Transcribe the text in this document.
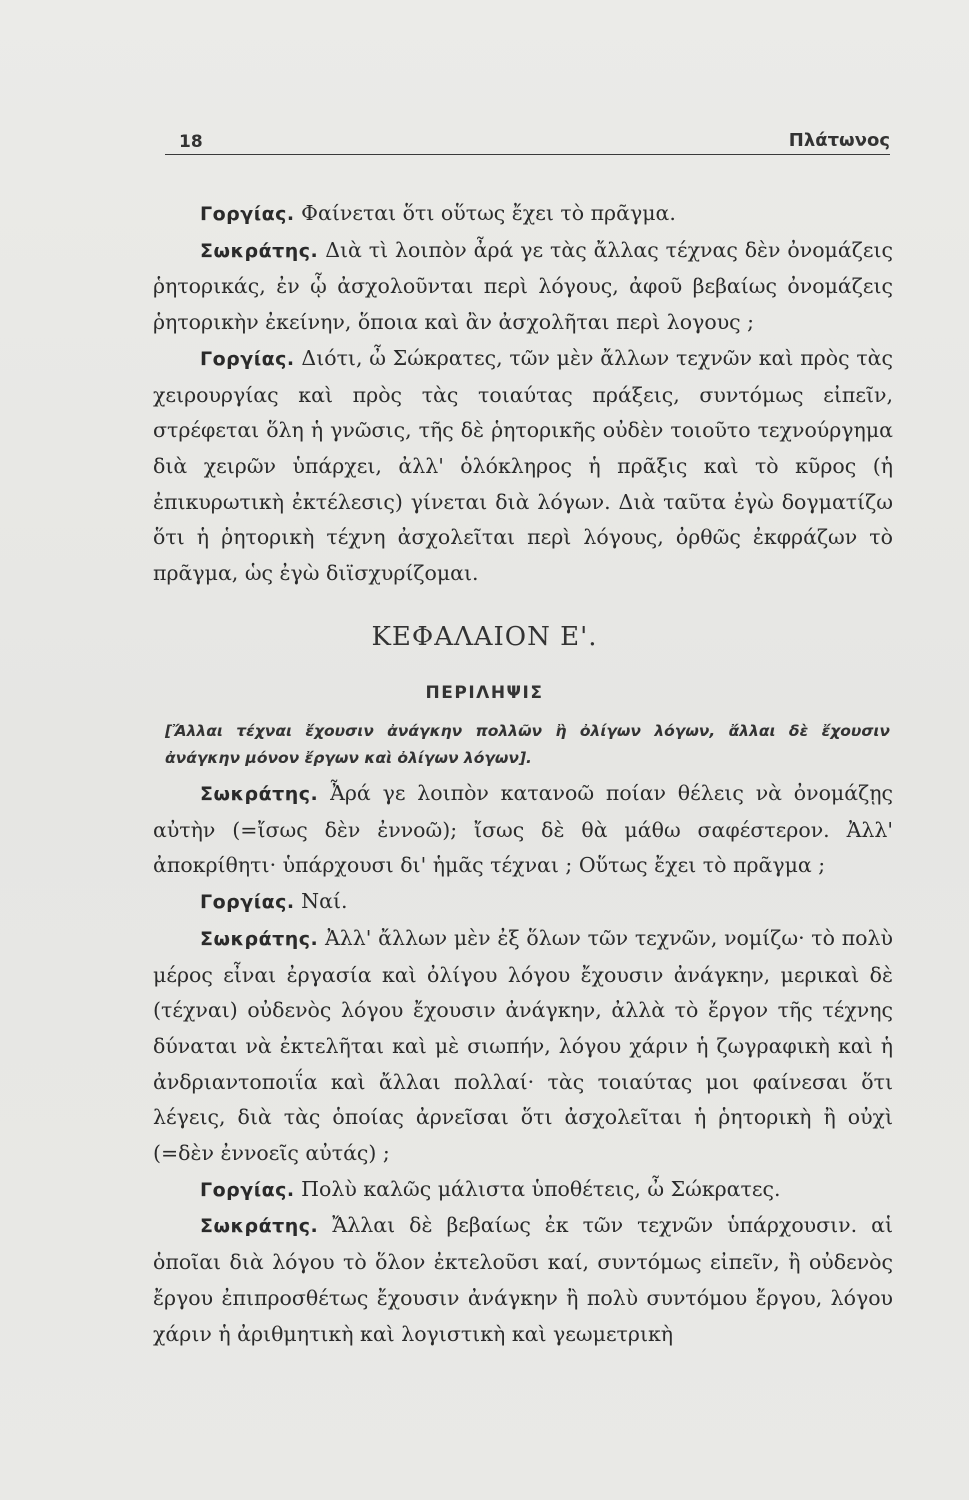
18	Πλάτωνος

Γοργίας. Φαίνεται ὅτι οὕτως ἔχει τὸ πρᾶγμα.

Σωκράτης. Διὰ τὶ λοιπὸν ἆρά γε τὰς ἄλλας τέχνας δὲν ὀνομάζεις ῥητορικάς, ἐν ᾧ ἀσχολοῦνται περὶ λόγους, ἀφοῦ βεβαίως ὀνομάζεις ῥητορικὴν ἐκείνην, ὅποια καὶ ἂν ἀσχολῆται περὶ λογους ;

Γοργίας. Διότι, ὦ Σώκρατες, τῶν μὲν ἄλλων τεχνῶν καὶ πρὸς τὰς χειρουργίας καὶ πρὸς τὰς τοιαύτας πράξεις, συντόμως εἰπεῖν, στρέφεται ὅλη ἡ γνῶσις, τῆς δὲ ῥητορικῆς οὐδὲν τοιοῦτο τεχνούργημα διὰ χειρῶν ὑπάρχει, ἀλλ' ὁλόκληρος ἡ πρᾶξις καὶ τὸ κῦρος (ἡ ἐπικυρωτικὴ ἐκτέλεσις) γίνεται διὰ λόγων. Διὰ ταῦτα ἐγὼ δογματίζω ὅτι ἡ ῥητορικὴ τέχνη ἀσχολεῖται περὶ λόγους, ὀρθῶς ἐκφράζων τὸ πρᾶγμα, ὡς ἐγὼ διϊσχυρίζομαι.

ΚΕΦΑΛΑΙΟΝ Ε'.
ΠΕΡΙΛΗΨΙΣ
[Ἄλλαι τέχναι ἔχουσιν ἀνάγκην πολλῶν ἢ ὀλίγων λόγων, ἄλλαι δὲ ἔχουσιν ἀνάγκην μόνον ἔργων καὶ ὀλίγων λόγων].

Σωκράτης. Ἆρά γε λοιπὸν κατανοῶ ποίαν θέλεις νὰ ὀνομάζῃς αὐτὴν (=ἴσως δὲν ἐννοῶ); ἴσως δὲ θὰ μάθω σαφέστερον. Ἀλλ' ἀποκρίθητι· ὑπάρχουσι δι' ἡμᾶς τέχναι ; Οὕτως ἔχει τὸ πρᾶγμα ;

Γοργίας. Ναί.

Σωκράτης. Ἀλλ' ἄλλων μὲν ἐξ ὅλων τῶν τεχνῶν, νομίζω· τὸ πολὺ μέρος εἶναι ἐργασία καὶ ὀλίγου λόγου ἔχουσιν ἀνάγκην, μερικαὶ δὲ (τέχναι) οὐδενὸς λόγου ἔχουσιν ἀνάγκην, ἀλλὰ τὸ ἔργον τῆς τέχνης δύναται νὰ ἐκτελῆται καὶ μὲ σιωπήν, λόγου χάριν ἡ ζωγραφικὴ καὶ ἡ ἀνδριαντοποιΐα καὶ ἄλλαι πολλαί· τὰς τοιαύτας μοι φαίνεσαι ὅτι λέγεις, διὰ τὰς ὁποίας ἀρνεῖσαι ὅτι ἀσχολεῖται ἡ ῥητορικὴ ἢ οὐχὶ (=δὲν ἐννοεῖς αὐτάς) ;

Γοργίας. Πολὺ καλῶς μάλιστα ὑποθέτεις, ὦ Σώκρατες.

Σωκράτης. Ἄλλαι δὲ βεβαίως ἐκ τῶν τεχνῶν ὑπάρχουσιν. αἱ ὁποῖαι διὰ λόγου τὸ ὅλον ἐκτελοῦσι καί, συντόμως εἰπεῖν, ἢ οὐδενὸς ἔργου ἐπιπροσθέτως ἔχουσιν ἀνάγκην ἢ πολὺ συντόμου ἔργου, λόγου χάριν ἡ ἀριθμητικὴ καὶ λογιστικὴ καὶ γεωμετρικὴ
